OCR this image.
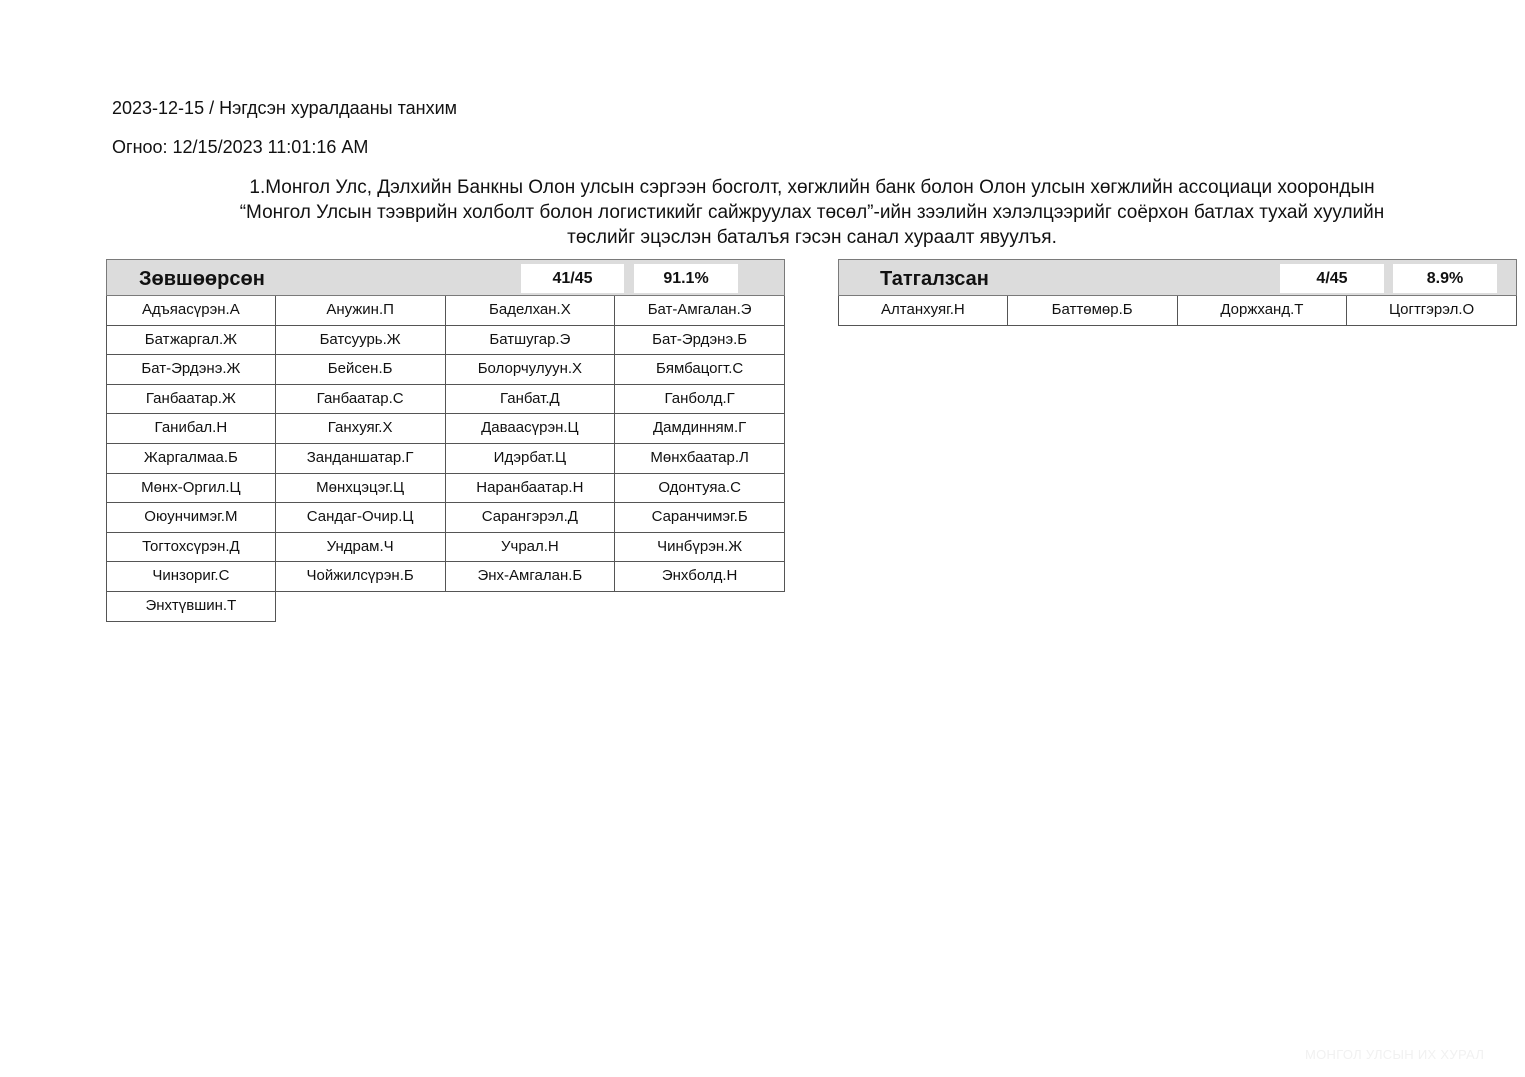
2023-12-15 / Нэгдсэн хуралдааны танхим
Огноо: 12/15/2023 11:01:16 AM
1.Монгол Улс, Дэлхийн Банкны Олон улсын сэргээн босголт, хөгжлийн банк болон Олон улсын хөгжлийн ассоциаци хоорондын
“Монгол Улсын тээврийн холболт болон логистикийг сайжруулах төсөл”-ийн зээлийн хэлэлцээрийг соёрхон батлах тухай хуулийн
төслийг эцэслэн баталъя гэсэн санал хураалт явуулъя.
Зөвшөөрсөн	41/45	91.1%
Адъяасүрэн.А	Анужин.П	Баделхан.Х	Бат-Амгалан.Э
Батжаргал.Ж	Батсуурь.Ж	Батшугар.Э	Бат-Эрдэнэ.Б
Бат-Эрдэнэ.Ж	Бейсен.Б	Болорчулуун.Х	Бямбацогт.С
Ганбаатар.Ж	Ганбаатар.С	Ганбат.Д	Ганболд.Г
Ганибал.Н	Ганхуяг.Х	Даваасүрэн.Ц	Дамдинням.Г
Жаргалмаа.Б	Занданшатар.Г	Идэрбат.Ц	Мөнхбаатар.Л
Мөнх-Оргил.Ц	Мөнхцэцэг.Ц	Наранбаатар.Н	Одонтуяа.С
Оюунчимэг.М	Сандаг-Очир.Ц	Сарангэрэл.Д	Саранчимэг.Б
Тогтохсүрэн.Д	Ундрам.Ч	Учрал.Н	Чинбүрэн.Ж
Чинзориг.С	Чойжилсүрэн.Б	Энх-Амгалан.Б	Энхболд.Н
Энхтүвшин.Т
Татгалзсан	4/45	8.9%
Алтанхуяг.Н	Баттөмөр.Б	Доржханд.Т	Цогтгэрэл.О
МОНГОЛ УЛСЫН ИХ ХУРАЛ
